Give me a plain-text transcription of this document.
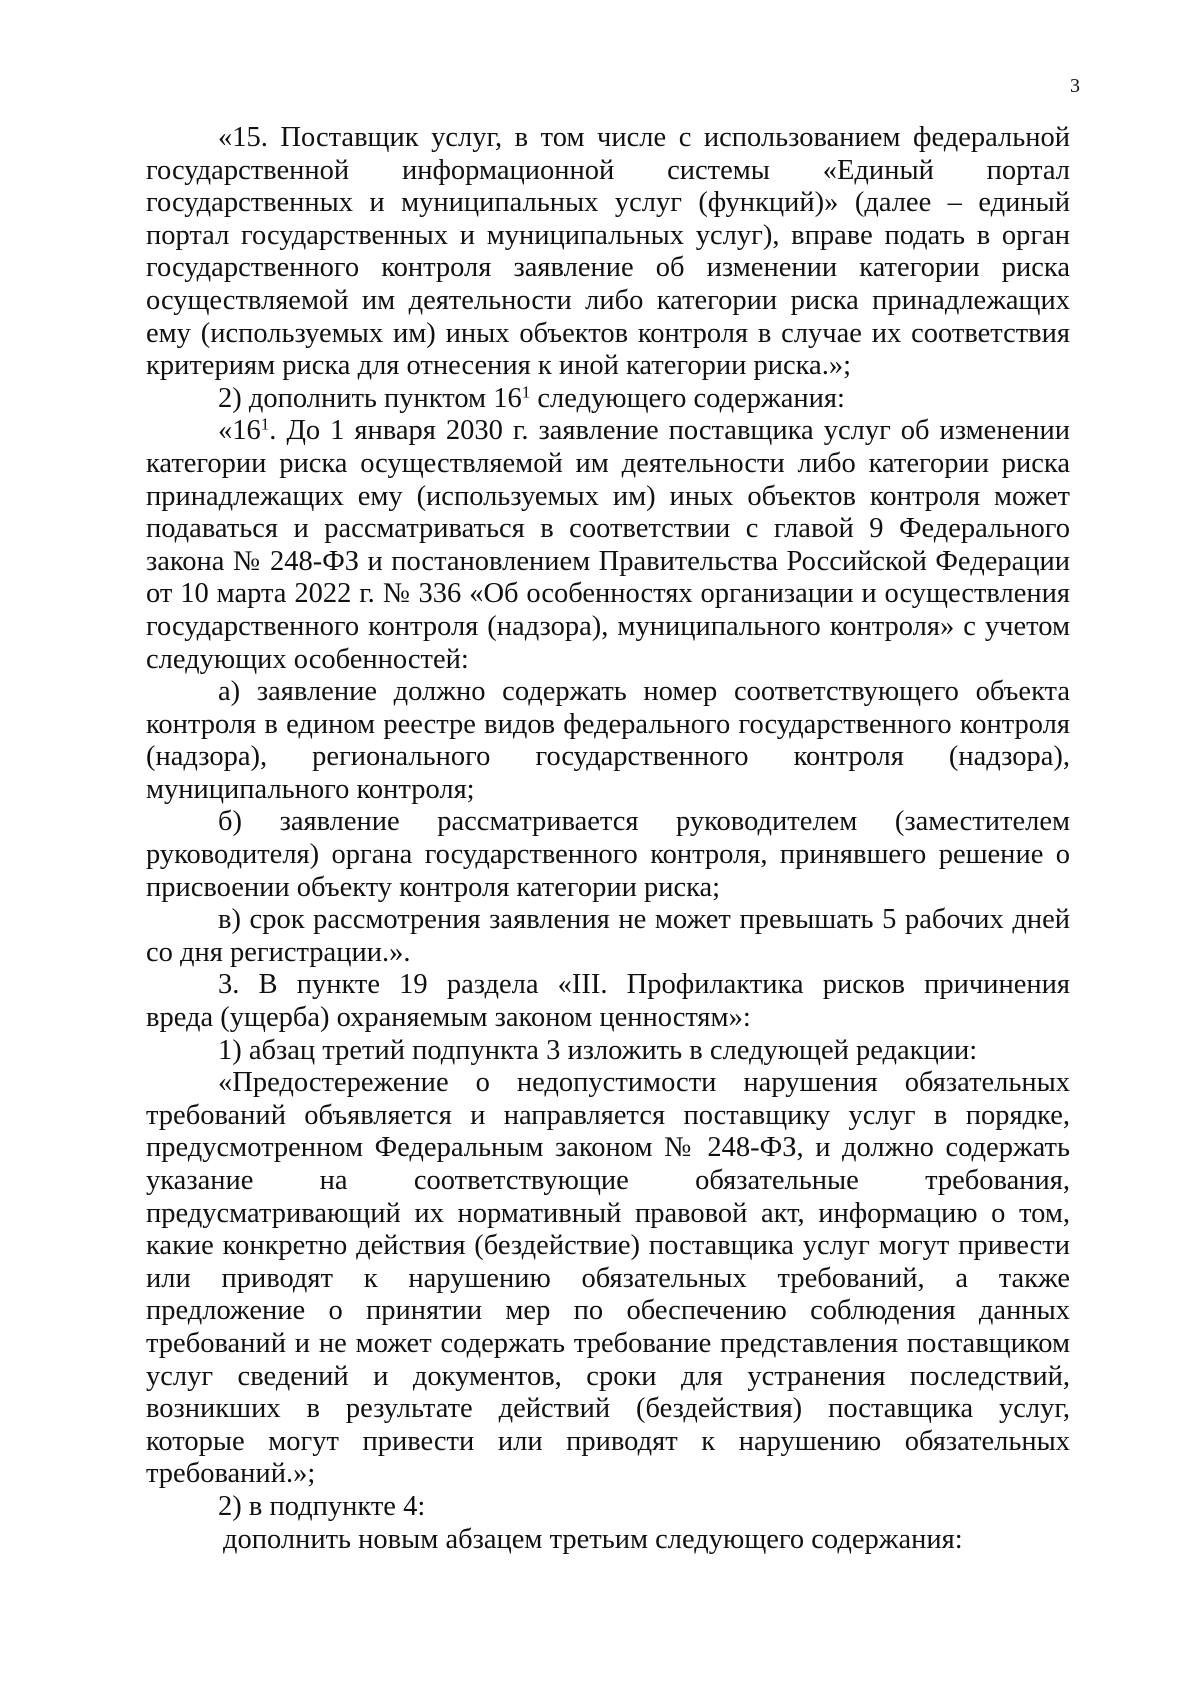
3
«15. Поставщик услуг, в том числе с использованием федеральной
государственной информационной системы «Единый портал
государственных и муниципальных услуг (функций)» (далее – единый
портал государственных и муниципальных услуг), вправе подать в орган
государственного контроля заявление об изменении категории риска
осуществляемой им деятельности либо категории риска принадлежащих
ему (используемых им) иных объектов контроля в случае их соответствия
критериям риска для отнесения к иной категории риска.»;
2) дополнить пунктом $16^1$ следующего содержания:
«$16^1$. До 1 января 2030 г. заявление поставщика услуг об изменении
категории риска осуществляемой им деятельности либо категории риска
принадлежащих ему (используемых им) иных объектов контроля может
подаваться и рассматриваться в соответствии с главой 9 Федерального
закона № 248-ФЗ и постановлением Правительства Российской Федерации
от 10 марта 2022 г. № 336 «Об особенностях организации и осуществления
государственного контроля (надзора), муниципального контроля» с учетом
следующих особенностей:
а) заявление должно содержать номер соответствующего объекта
контроля в едином реестре видов федерального государственного контроля
(надзора), регионального государственного контроля (надзора),
муниципального контроля;
б) заявление рассматривается руководителем (заместителем
руководителя) органа государственного контроля, принявшего решение о
присвоении объекту контроля категории риска;
в) срок рассмотрения заявления не может превышать 5 рабочих дней
со дня регистрации.».
3. В пункте 19 раздела «III. Профилактика рисков причинения
вреда (ущерба) охраняемым законом ценностям»:
1) абзац третий подпункта 3 изложить в следующей редакции:
«Предостережение о недопустимости нарушения обязательных
требований объявляется и направляется поставщику услуг в порядке,
предусмотренном Федеральным законом № 248-ФЗ, и должно содержать
указание на соответствующие обязательные требования,
предусматривающий их нормативный правовой акт, информацию о том,
какие конкретно действия (бездействие) поставщика услуг могут привести
или приводят к нарушению обязательных требований, а также
предложение о принятии мер по обеспечению соблюдения данных
требований и не может содержать требование представления поставщиком
услуг сведений и документов, сроки для устранения последствий,
возникших в результате действий (бездействия) поставщика услуг,
которые могут привести или приводят к нарушению обязательных
требований.»;
2) в подпункте 4:
дополнить новым абзацем третьим следующего содержания:
